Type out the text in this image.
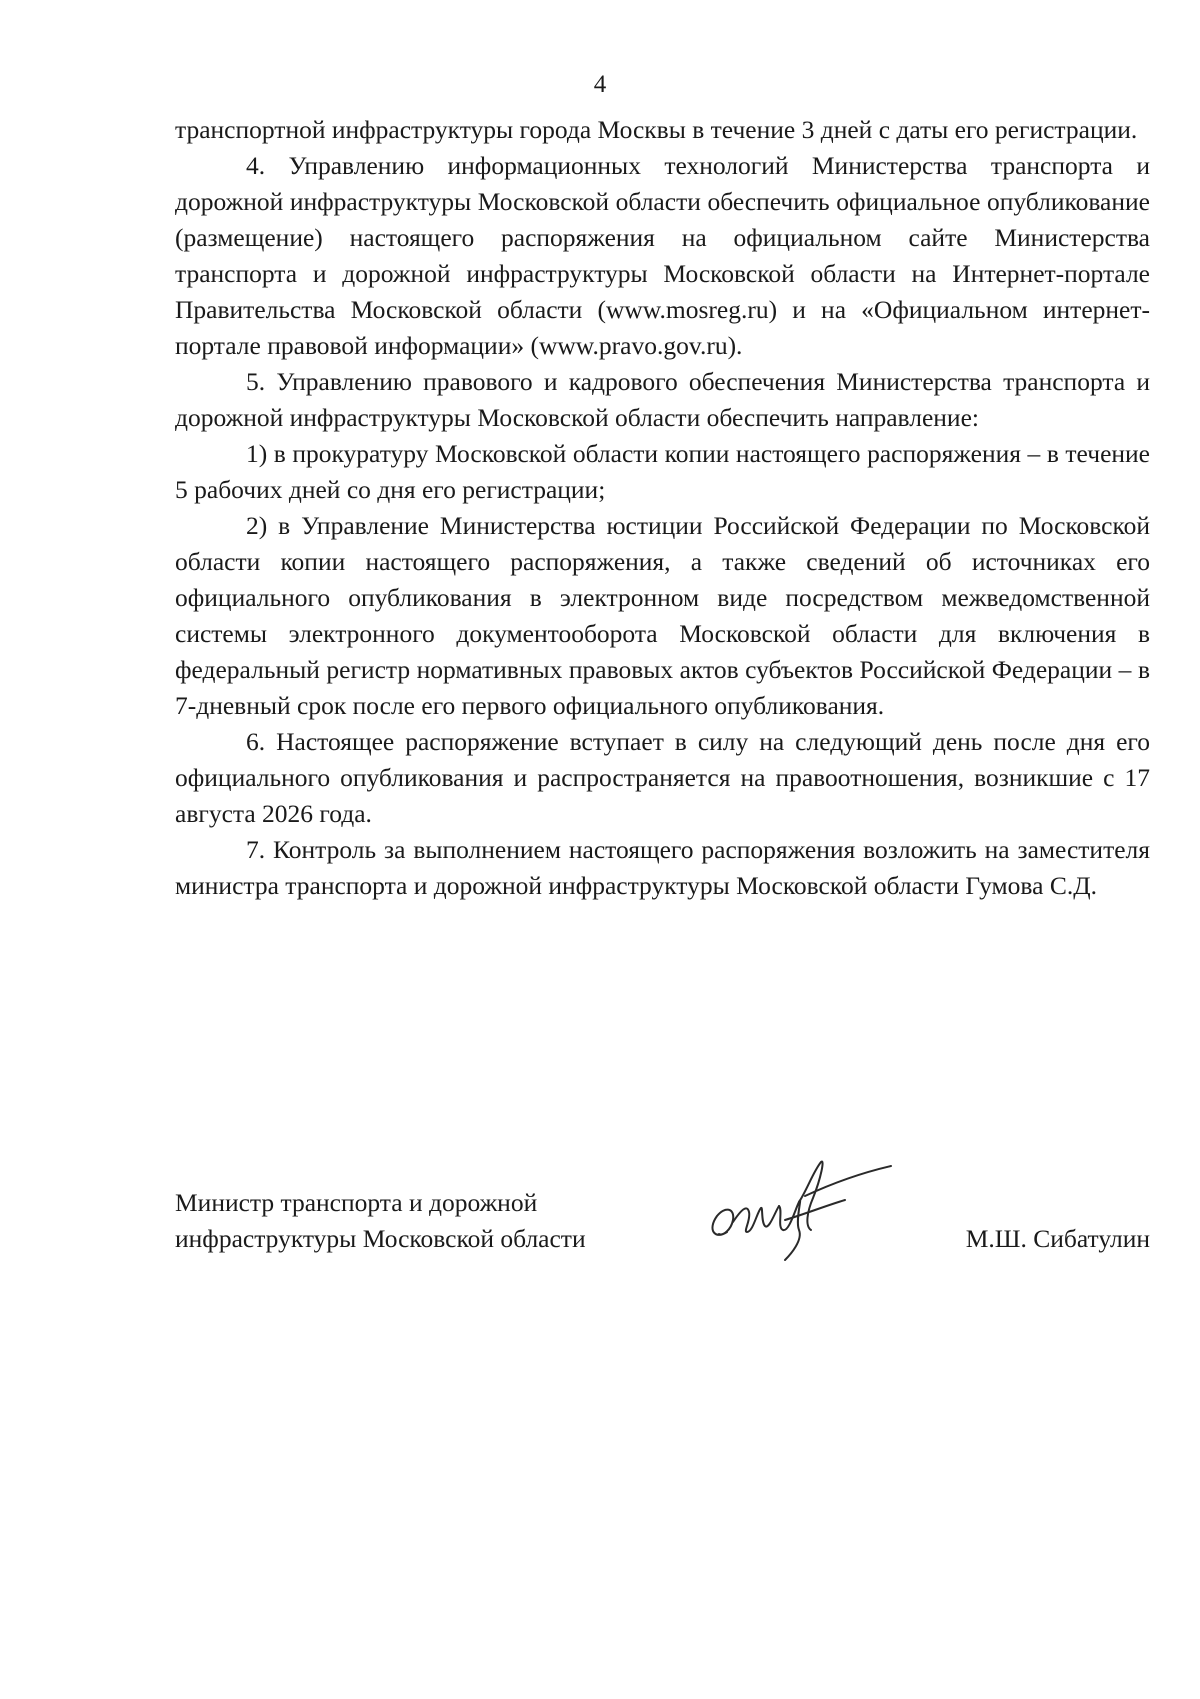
4

транспортной инфраструктуры города Москвы в течение 3 дней с даты его регистрации.

4. Управлению информационных технологий Министерства транспорта и дорожной инфраструктуры Московской области обеспечить официальное опубликование (размещение) настоящего распоряжения на официальном сайте Министерства транспорта и дорожной инфраструктуры Московской области на Интернет-портале Правительства Московской области (www.mosreg.ru) и на «Официальном интернет-портале правовой информации» (www.pravo.gov.ru).

5. Управлению правового и кадрового обеспечения Министерства транспорта и дорожной инфраструктуры Московской области обеспечить направление:

1) в прокуратуру Московской области копии настоящего распоряжения – в течение 5 рабочих дней со дня его регистрации;

2) в Управление Министерства юстиции Российской Федерации по Московской области копии настоящего распоряжения, а также сведений об источниках его официального опубликования в электронном виде посредством межведомственной системы электронного документооборота Московской области для включения в федеральный регистр нормативных правовых актов субъектов Российской Федерации – в 7-дневный срок после его первого официального опубликования.

6. Настоящее распоряжение вступает в силу на следующий день после дня его официального опубликования и распространяется на правоотношения, возникшие с 17 августа 2026 года.

7. Контроль за выполнением настоящего распоряжения возложить на заместителя министра транспорта и дорожной инфраструктуры Московской области Гумова С.Д.

Министр транспорта и дорожной
инфраструктуры Московской области	М.Ш. Сибатулин
